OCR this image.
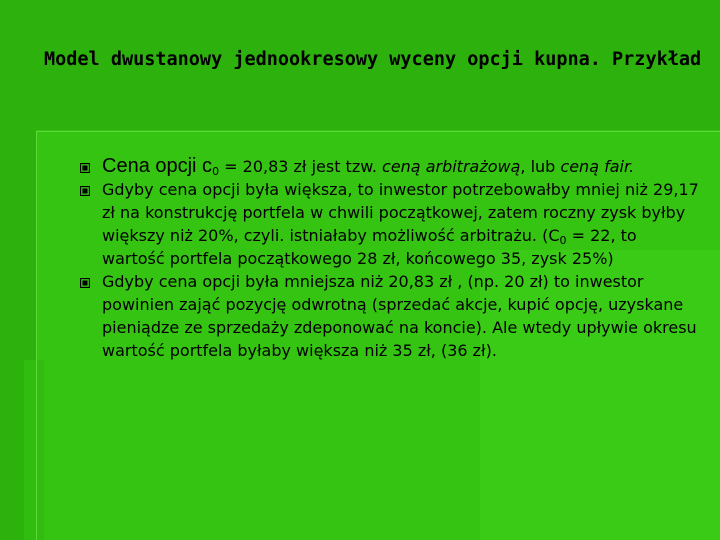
Model dwustanowy jednookresowy wyceny opcji kupna. Przykład
Cena opcji $c_0 = 20,83$ zł jest tzw. ceną arbitrażową, lub ceną fair.
Gdyby cena opcji była większa, to inwestor potrzebowałby mniej niż 29,17 zł na konstrukcję portfela w chwili początkowej, zatem roczny zysk byłby większy niż 20%, czyli. istniałaby możliwość arbitrażu. ($C_0 = 22$, to wartość portfela początkowego 28 zł, końcowego 35, zysk 25%)
Gdyby cena opcji była mniejsza niż 20,83 zł , (np. 20 zł) to inwestor powinien zająć pozycję odwrotną (sprzedać akcje, kupić opcję, uzyskane pieniądze ze sprzedaży zdeponować na koncie). Ale wtedy upływie okresu wartość portfela byłaby większa niż 35 zł, (36 zł).
